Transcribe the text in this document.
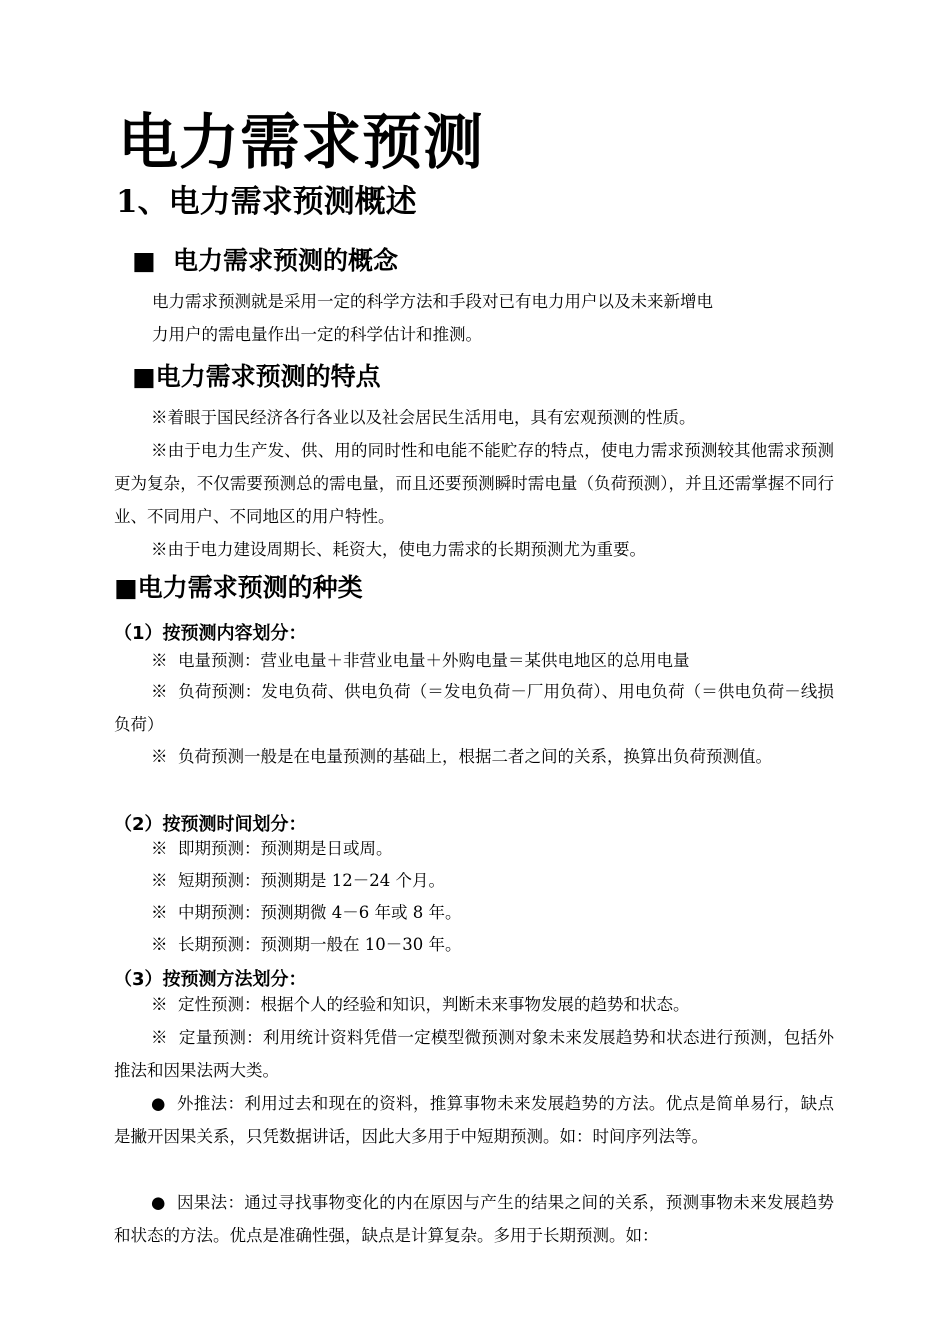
电力需求预测
1、电力需求预测概述
■  电力需求预测的概念
电力需求预测就是采用一定的科学方法和手段对已有电力用户以及未来新增电
力用户的需电量作出一定的科学估计和推测。
■电力需求预测的特点

※着眼于国民经济各行各业以及社会居民生活用电，具有宏观预测的性质。

※由于电力生产发、供、用的同时性和电能不能贮存的特点，使电力需求预测较其他需求预测更为复杂，不仅需要预测总的需电量，而且还要预测瞬时需电量（负荷预测），并且还需掌握不同行业、不同用户、不同地区的用户特性。

※由于电力建设周期长、耗资大，使电力需求的长期预测尤为重要。

■电力需求预测的种类
（1）按预测内容划分：

※  电量预测：营业电量＋非营业电量＋外购电量＝某供电地区的总用电量

※  负荷预测：发电负荷、供电负荷（＝发电负荷－厂用负荷）、用电负荷（＝供电负荷－线损负荷）

※  负荷预测一般是在电量预测的基础上，根据二者之间的关系，换算出负荷预测值。

（2）按预测时间划分：
※  即期预测：预测期是日或周。
※  短期预测：预测期是 12－24 个月。
※  中期预测：预测期微 4－6 年或 8 年。
※  长期预测：预测期一般在 10－30 年。
（3）按预测方法划分：

※  定性预测：根据个人的经验和知识，判断未来事物发展的趋势和状态。

※  定量预测：利用统计资料凭借一定模型微预测对象未来发展趋势和状态进行预测，包括外推法和因果法两大类。

●  外推法：利用过去和现在的资料，推算事物未来发展趋势的方法。优点是简单易行，缺点是撇开因果关系，只凭数据讲话，因此大多用于中短期预测。如：时间序列法等。

●  因果法：通过寻找事物变化的内在原因与产生的结果之间的关系，预测事物未来发展趋势和状态的方法。优点是准确性强，缺点是计算复杂。多用于长期预测。如：
